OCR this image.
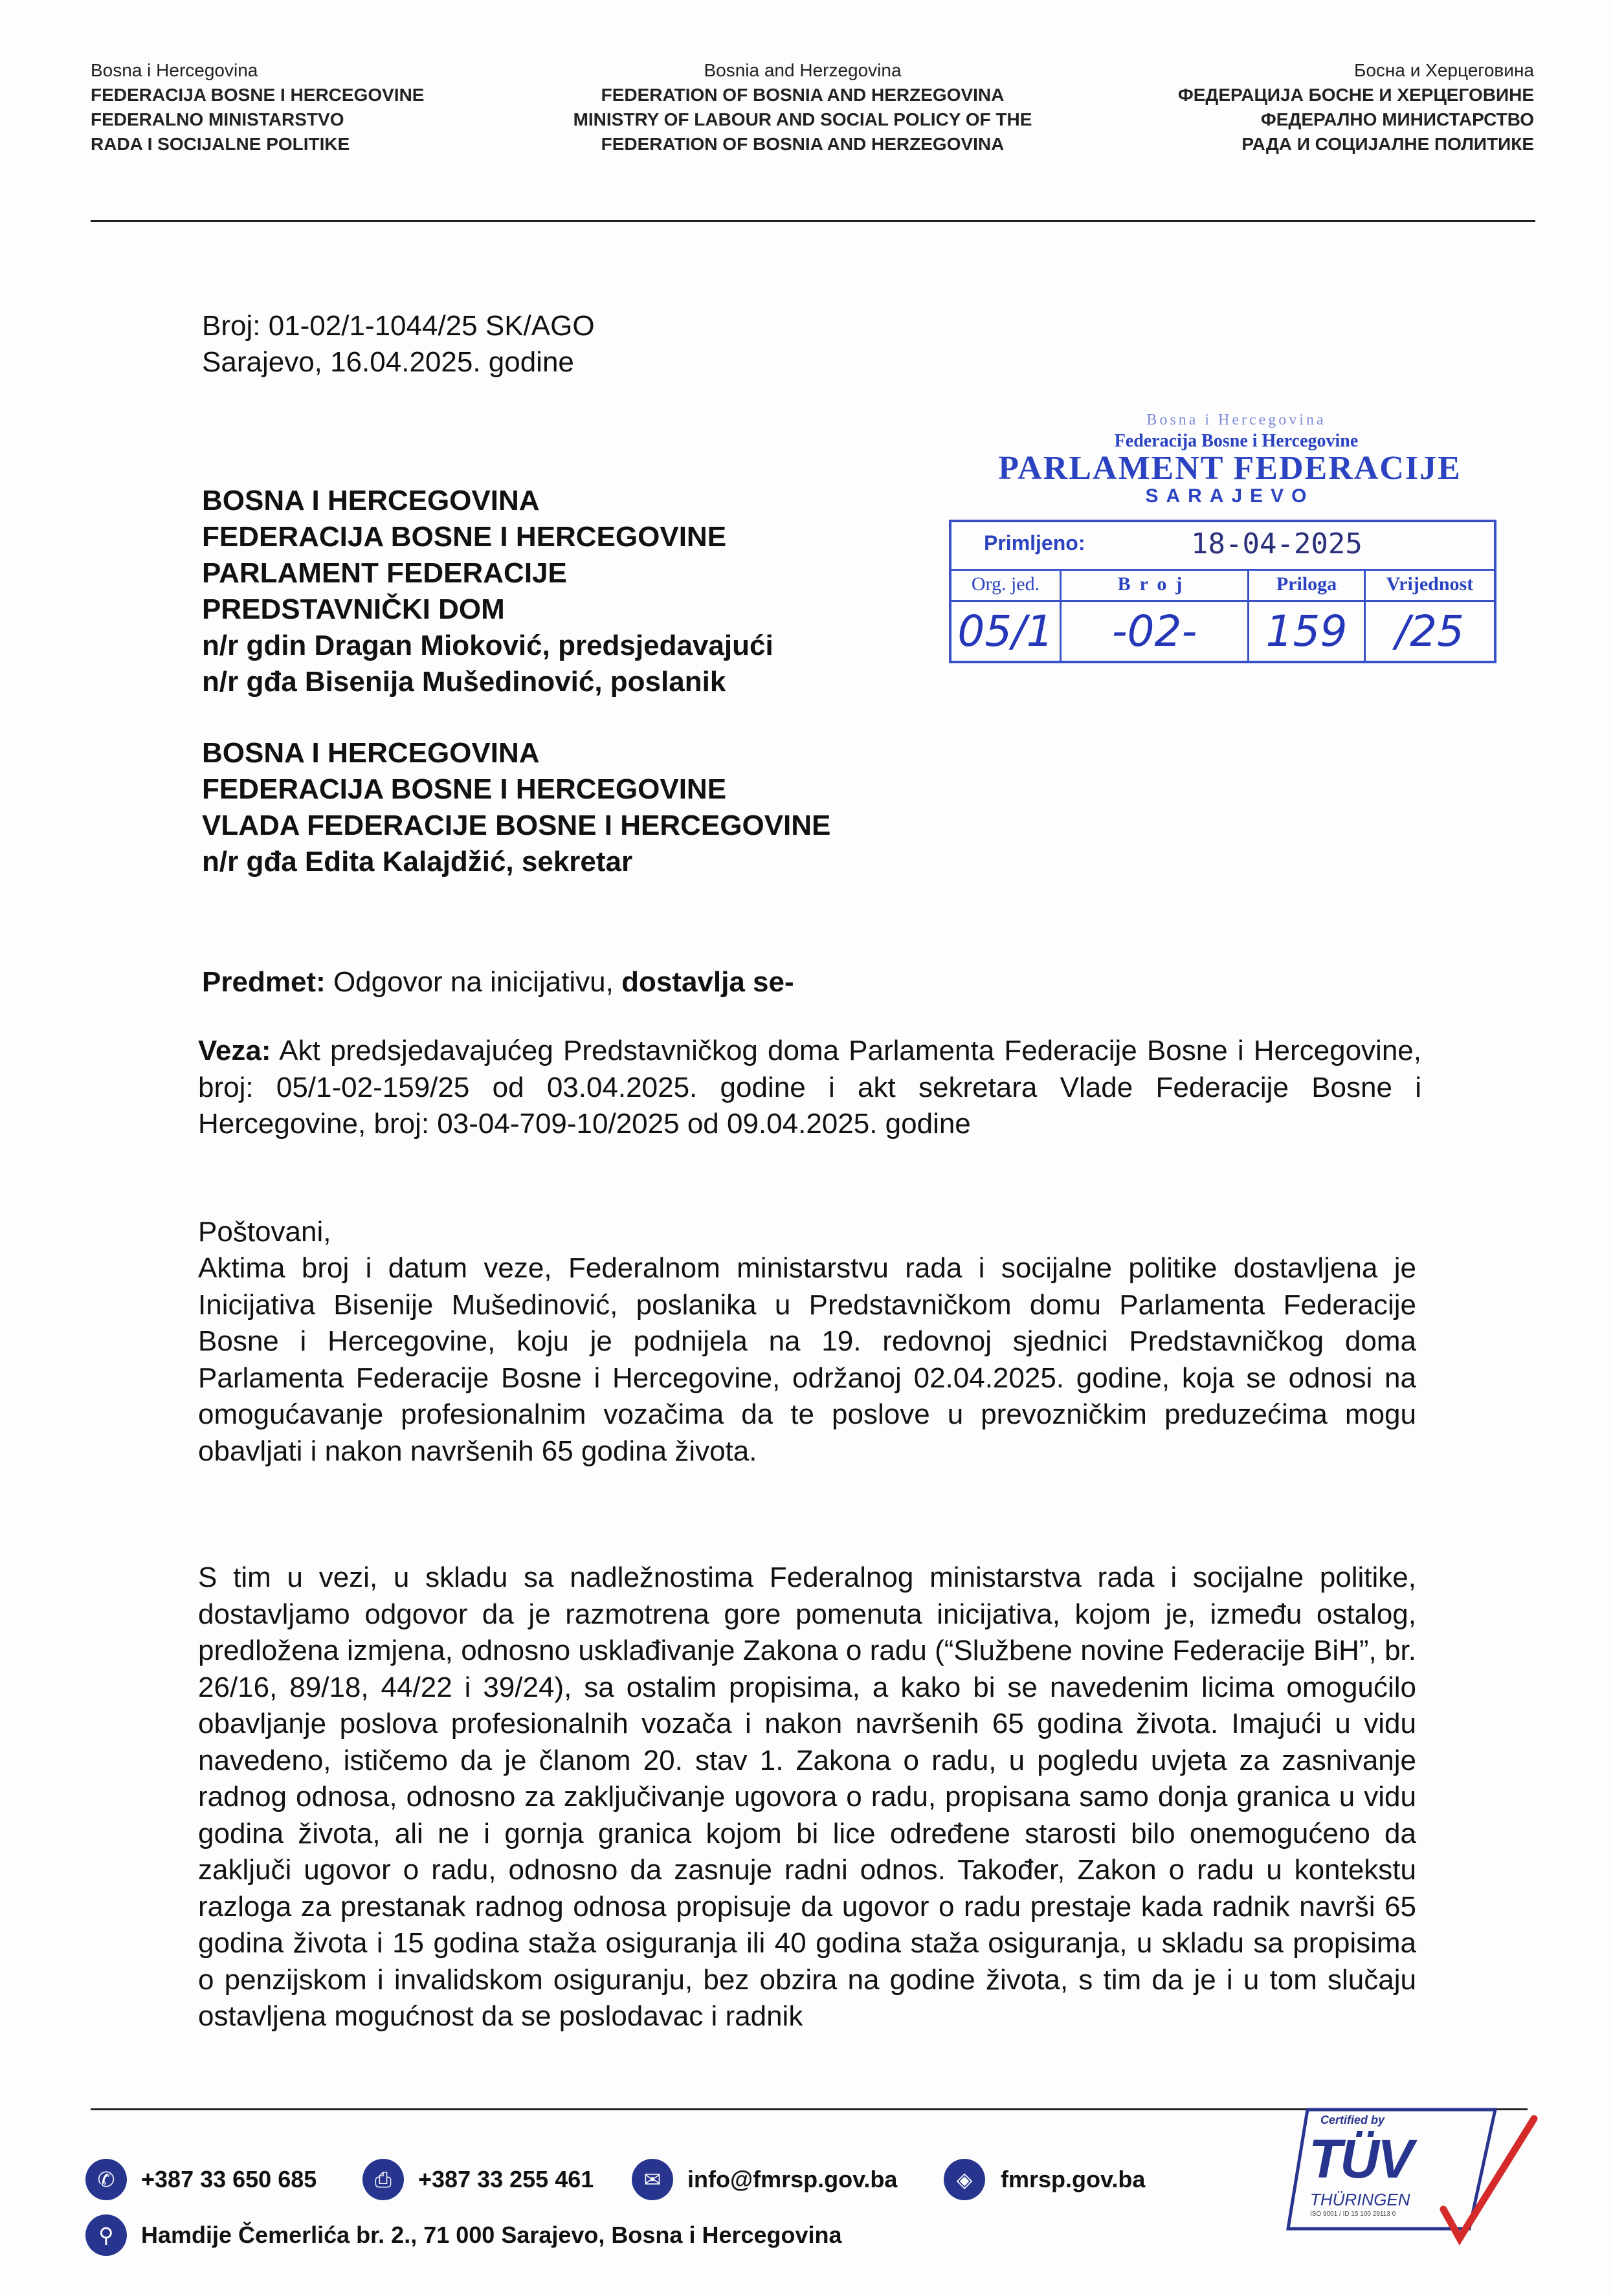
Bosna i Hercegovina
FEDERACIJA BOSNE I HERCEGOVINE
FEDERALNO MINISTARSTVO
RADA I SOCIJALNE POLITIKE
Bosnia and Herzegovina
FEDERATION OF BOSNIA AND HERZEGOVINA
MINISTRY OF LABOUR AND SOCIAL POLICY OF THE
FEDERATION OF BOSNIA AND HERZEGOVINA
Босна и Херцеговина
ФЕДЕРАЦИЈА БОСНЕ И ХЕРЦЕГОВИНЕ
ФЕДЕРАЛНО МИНИСТАРСТВО
РАДА И СОЦИЈАЛНЕ ПОЛИТИКЕ
Broj: 01-02/1-1044/25 SK/AGO
Sarajevo, 16.04.2025. godine
Bosna i Hercegovina
Federacija Bosne i Hercegovine
PARLAMENT FEDERACIJE
SARAJEVO
Primljeno:	18-04-2025
Org. jed.	Broj	Priloga	Vrijednost
05/1	-02-	159	/25
BOSNA I HERCEGOVINA
FEDERACIJA BOSNE I HERCEGOVINE
PARLAMENT FEDERACIJE
PREDSTAVNIČKI DOM
n/r gdin Dragan Mioković, predsjedavajući
n/r gđa Bisenija Mušedinović, poslanik
BOSNA I HERCEGOVINA
FEDERACIJA BOSNE I HERCEGOVINE
VLADA FEDERACIJE BOSNE I HERCEGOVINE
n/r gđa Edita Kalajdžić, sekretar
Predmet: Odgovor na inicijativu, dostavlja se-

Veza: Akt predsjedavajućeg Predstavničkog doma Parlamenta Federacije Bosne i Hercegovine, broj: 05/1-02-159/25 od 03.04.2025. godine i akt sekretara Vlade Federacije Bosne i Hercegovine, broj: 03-04-709-10/2025 od 09.04.2025. godine

Poštovani,

Aktima broj i datum veze, Federalnom ministarstvu rada i socijalne politike dostavljena je Inicijativa Bisenije Mušedinović, poslanika u Predstavničkom domu Parlamenta Federacije Bosne i Hercegovine, koju je podnijela na 19. redovnoj sjednici Predstavničkog doma Parlamenta Federacije Bosne i Hercegovine, održanoj 02.04.2025. godine, koja se odnosi na omogućavanje profesionalnim vozačima da te poslove u prevozničkim preduzećima mogu obavljati i nakon navršenih 65 godina života.

S tim u vezi, u skladu sa nadležnostima Federalnog ministarstva rada i socijalne politike, dostavljamo odgovor da je razmotrena gore pomenuta inicijativa, kojom je, između ostalog, predložena izmjena, odnosno usklađivanje Zakona o radu (“Službene novine Federacije BiH”, br. 26/16, 89/18, 44/22 i 39/24), sa ostalim propisima, a kako bi se navedenim licima omogućilo obavljanje poslova profesionalnih vozača i nakon navršenih 65 godina života. Imajući u vidu navedeno, ističemo da je članom 20. stav 1. Zakona o radu, u pogledu uvjeta za zasnivanje radnog odnosa, odnosno za zaključivanje ugovora o radu, propisana samo donja granica u vidu godina života, ali ne i gornja granica kojom bi lice određene starosti bilo onemogućeno da zaključi ugovor o radu, odnosno da zasnuje radni odnos. Također, Zakon o radu u kontekstu razloga za prestanak radnog odnosa propisuje da ugovor o radu prestaje kada radnik navrši 65 godina života i 15 godina staža osiguranja ili 40 godina staža osiguranja, u skladu sa propisima o penzijskom i invalidskom osiguranju, bez obzira na godine života, s tim da je i u tom slučaju ostavljena mogućnost da se poslodavac i radnik

✆	+387 33 650 685	⎙	+387 33 255 461	✉	info@fmrsp.gov.ba	◈	fmrsp.gov.ba
⚲	Hamdije Čemerlića br. 2., 71 000 Sarajevo, Bosna i Hercegovina
Certified by
TÜV
THÜRINGEN
ISO 9001 / ID 15 100 29113 0
